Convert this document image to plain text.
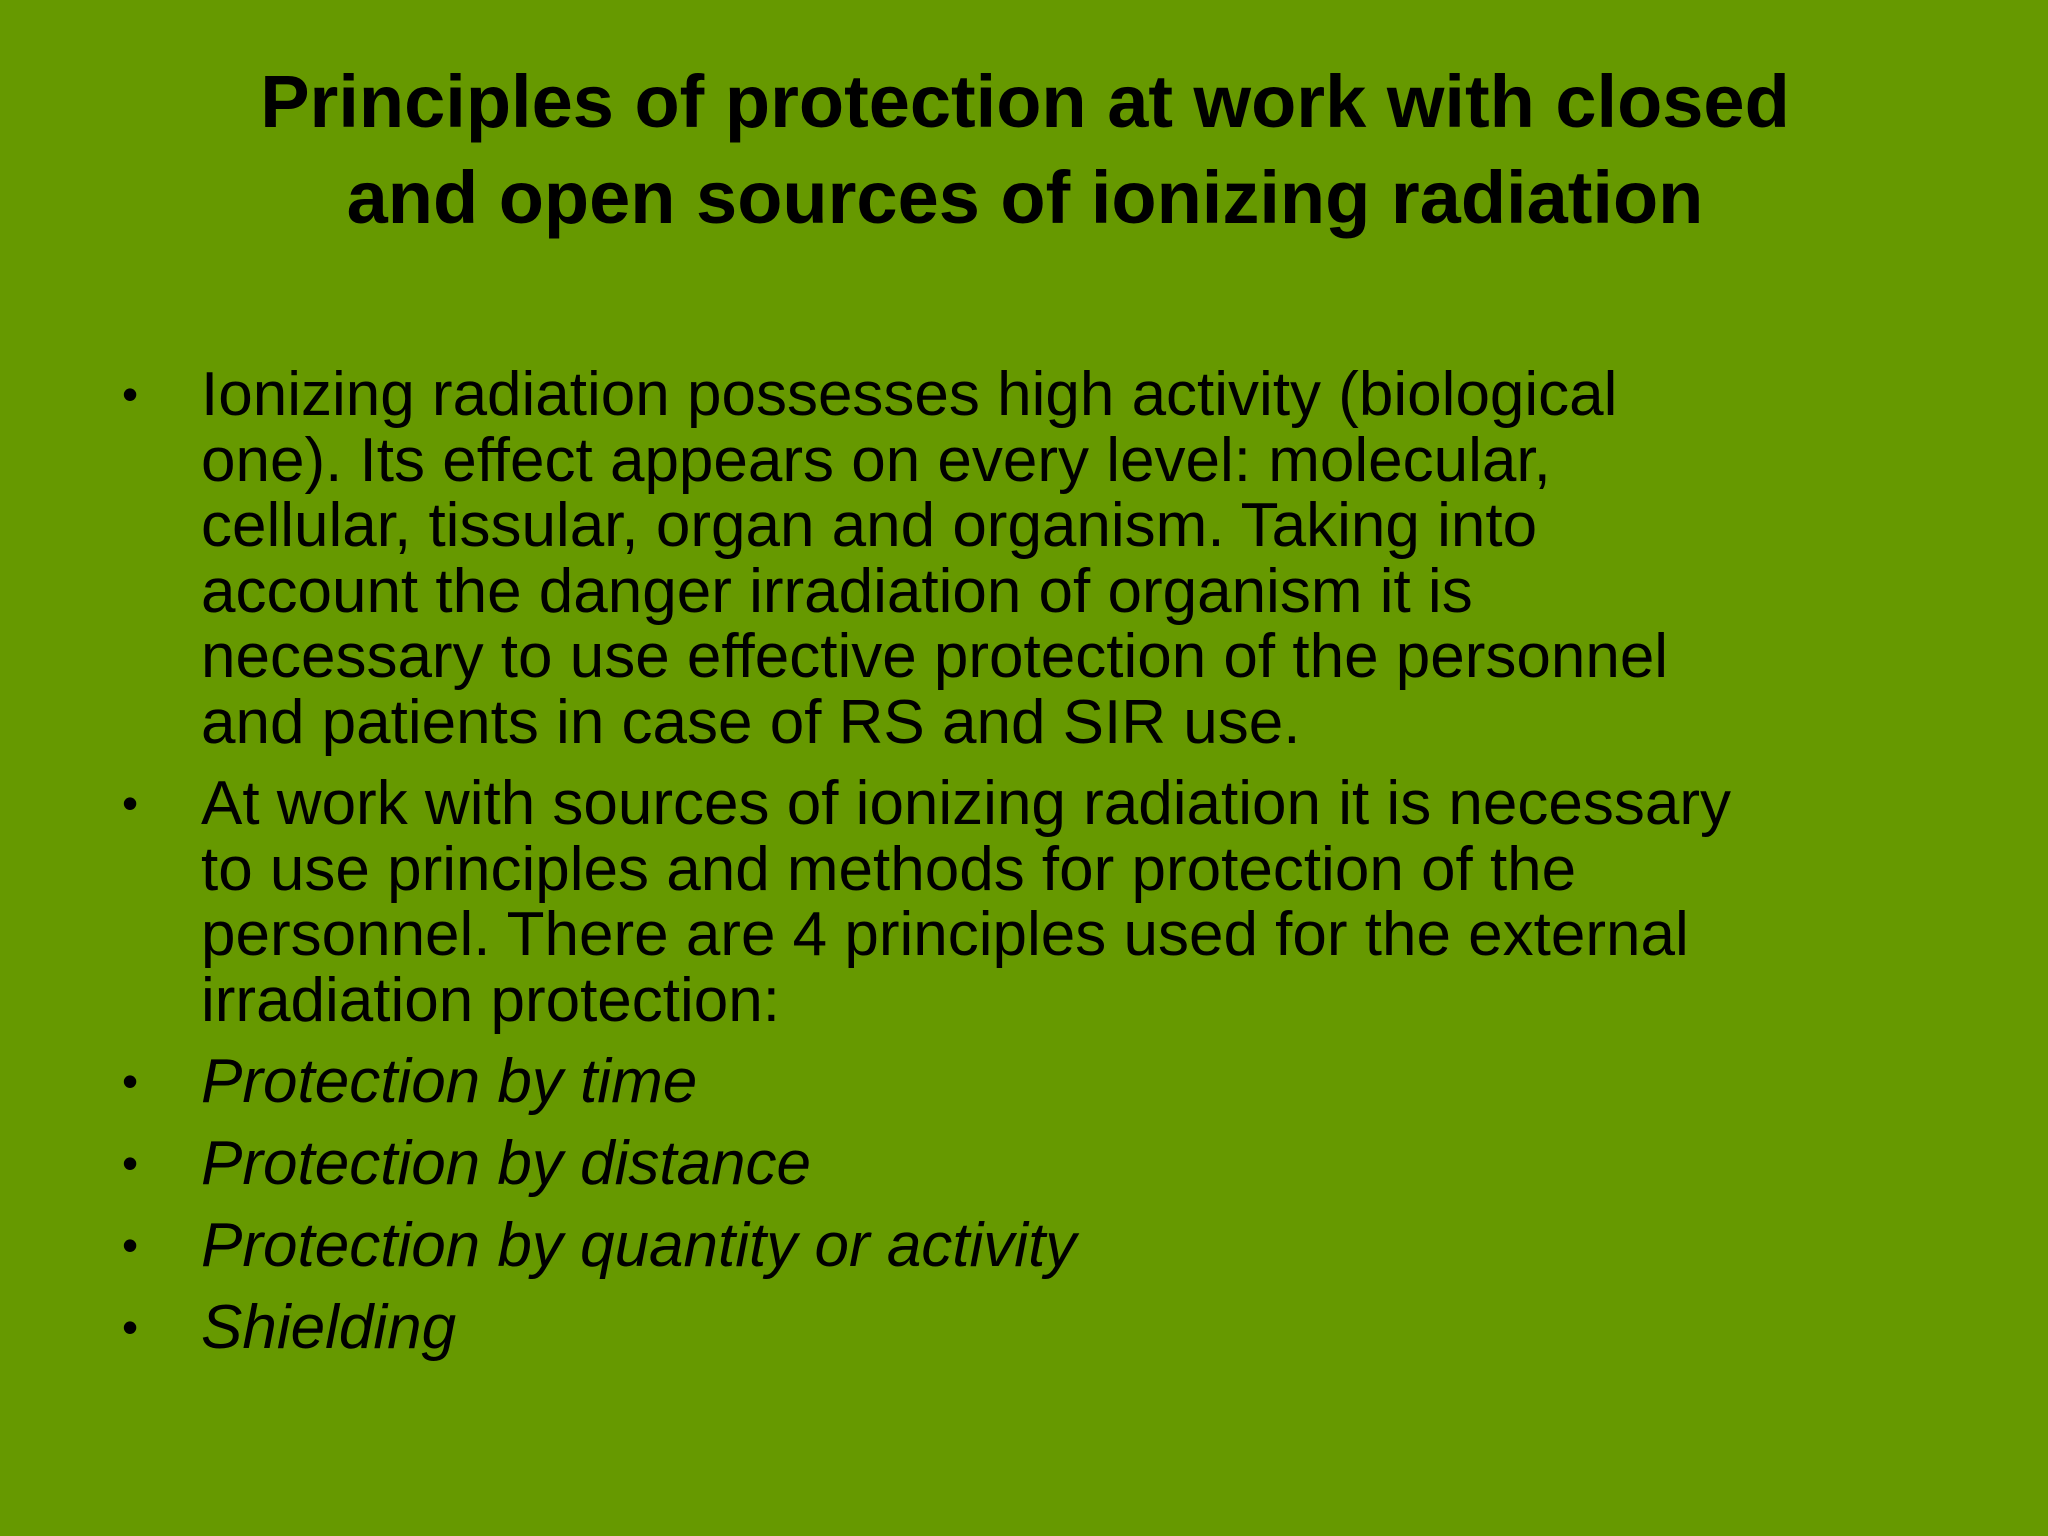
Principles of protection at work with closed
and open sources of ionizing radiation
• Ionizing radiation possesses high activity (biological
one). Its effect appears on every level: molecular,
cellular, tissular, organ and organism. Taking into
account the danger irradiation of organism it is
necessary to use effective protection of the personnel
and patients in case of RS and SIR use.
• At work with sources of ionizing radiation it is necessary
to use principles and methods for protection of the
personnel. There are 4 principles used for the external
irradiation protection:
• Protection by time
• Protection by distance
• Protection by quantity or activity
• Shielding
